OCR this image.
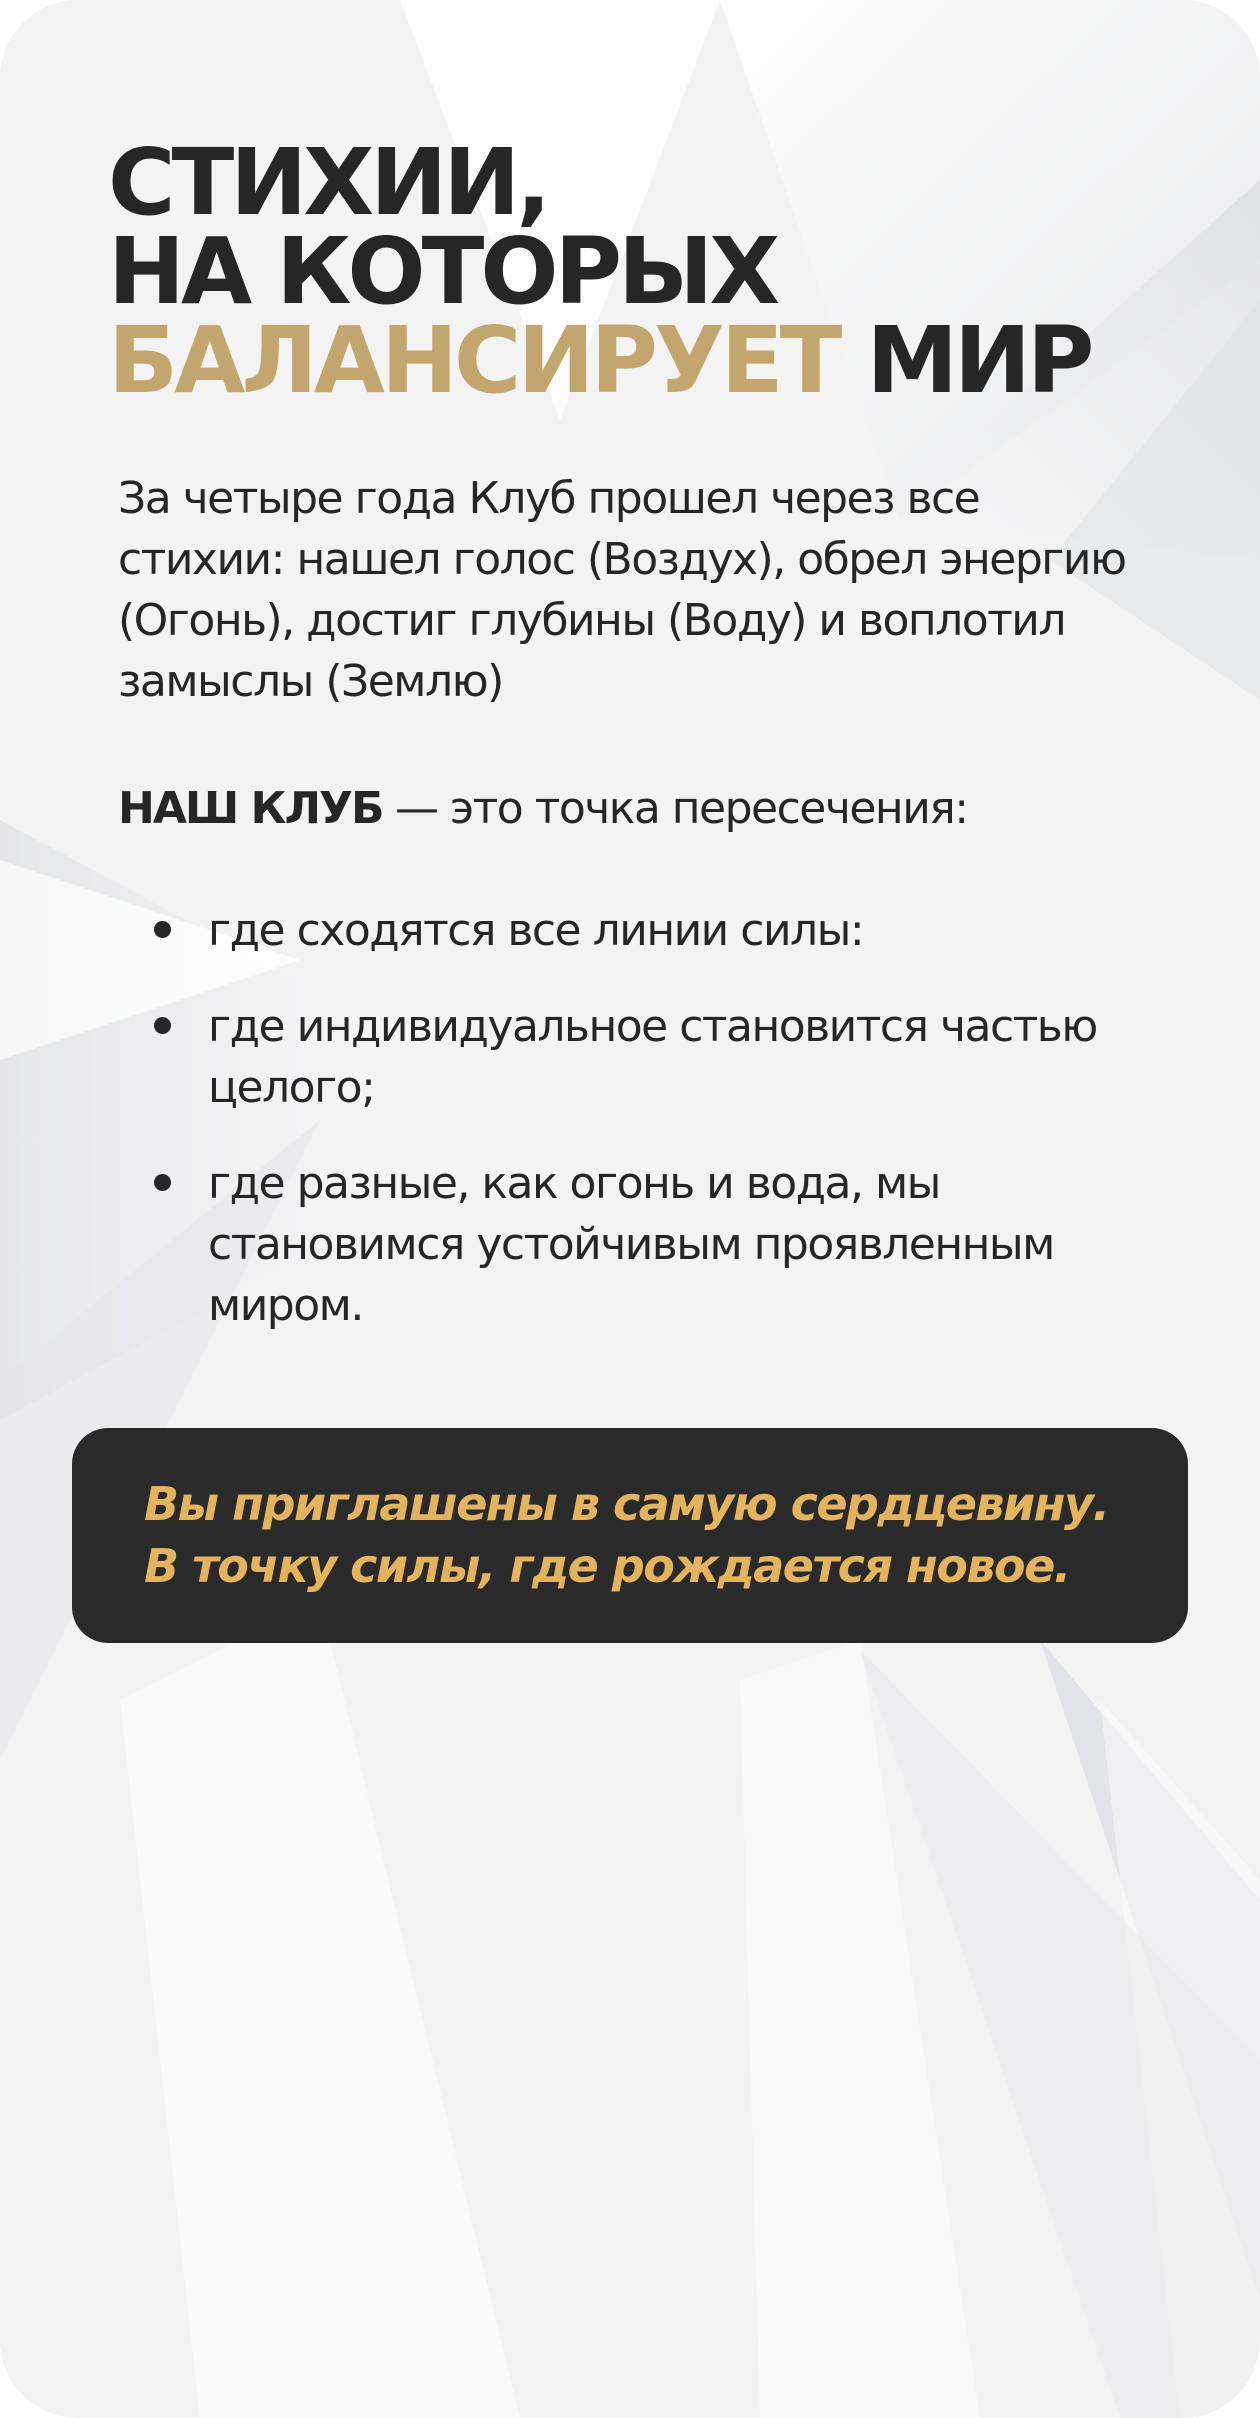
СТИХИИ,
НА КОТОРЫХ
БАЛАНСИРУЕТ МИР

За четыре года Клуб прошел через все стихии: нашел голос (Воздух), обрел энергию (Огонь), достиг глубины (Воду) и воплотил замыслы (Землю)

НАШ КЛУБ — это точка пересечения:

где сходятся все линии силы:
где индивидуальное становится частью целого;
где разные, как огонь и вода, мы становимся устойчивым проявленным миром.

Вы приглашены в самую сердцевину.
В точку силы, где рождается новое.
